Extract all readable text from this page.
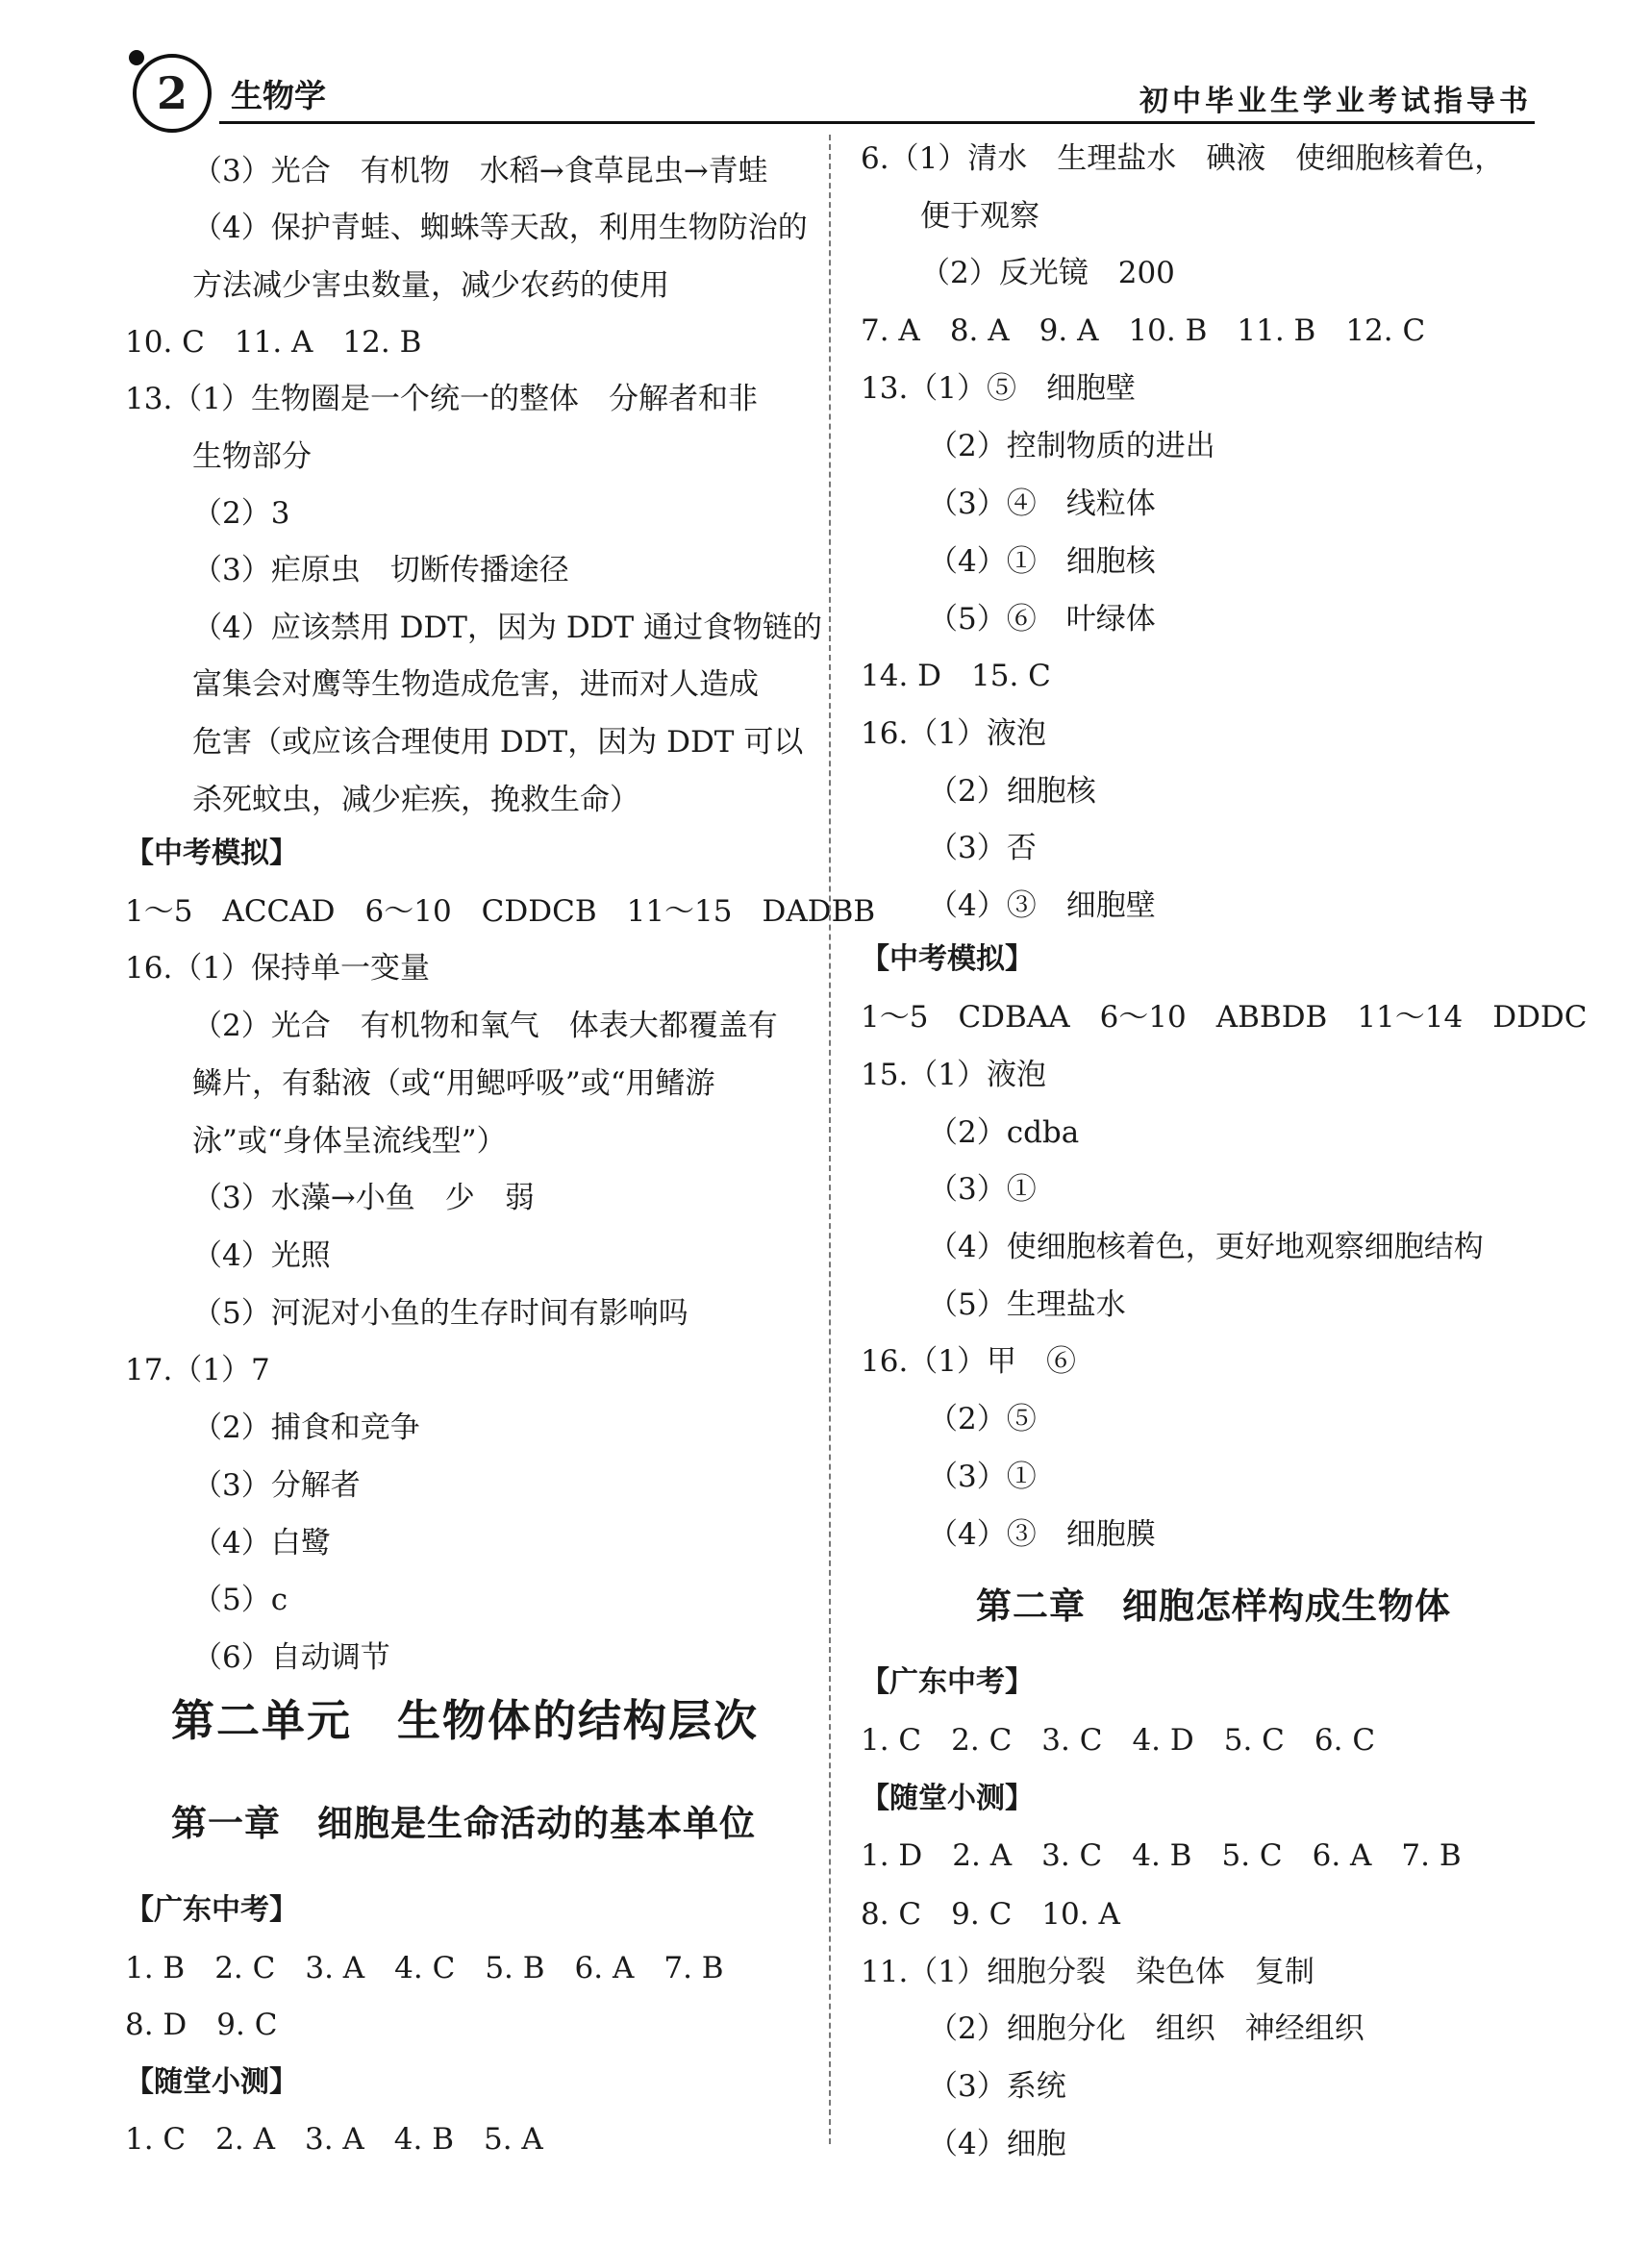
2	生物学	初中毕业生学业考试指导书
（3）光合　有机物　水稻→食草昆虫→青蛙
（4）保护青蛙、蜘蛛等天敌，利用生物防治的
方法减少害虫数量，减少农药的使用
10. C　11. A　12. B
13.（1）生物圈是一个统一的整体　分解者和非
生物部分
（2）3
（3）疟原虫　切断传播途径
（4）应该禁用 DDT，因为 DDT 通过食物链的
富集会对鹰等生物造成危害，进而对人造成
危害（或应该合理使用 DDT，因为 DDT 可以
杀死蚊虫，减少疟疾，挽救生命）
【中考模拟】
1～5　ACCAD　6～10　CDDCB　11～15　DADBB
16.（1）保持单一变量
（2）光合　有机物和氧气　体表大都覆盖有
鳞片，有黏液（或“用鳃呼吸”或“用鳍游
泳”或“身体呈流线型”）
（3）水藻→小鱼　少　弱
（4）光照
（5）河泥对小鱼的生存时间有影响吗
17.（1）7
（2）捕食和竞争
（3）分解者
（4）白鹭
（5）c
（6）自动调节
第二单元　生物体的结构层次
第一章　细胞是生命活动的基本单位
【广东中考】
1. B　2. C　3. A　4. C　5. B　6. A　7. B
8. D　9. C
【随堂小测】
1. C　2. A　3. A　4. B　5. A
6.（1）清水　生理盐水　碘液　使细胞核着色，
便于观察
（2）反光镜　200
7. A　8. A　9. A　10. B　11. B　12. C
13.（1）⑤　细胞壁
（2）控制物质的进出
（3）④　线粒体
（4）①　细胞核
（5）⑥　叶绿体
14. D　15. C
16.（1）液泡
（2）细胞核
（3）否
（4）③　细胞壁
【中考模拟】
1～5　CDBAA　6～10　ABBDB　11～14　DDDC
15.（1）液泡
（2）cdba
（3）①
（4）使细胞核着色，更好地观察细胞结构
（5）生理盐水
16.（1）甲　⑥
（2）⑤
（3）①
（4）③　细胞膜
第二章　细胞怎样构成生物体
【广东中考】
1. C　2. C　3. C　4. D　5. C　6. C
【随堂小测】
1. D　2. A　3. C　4. B　5. C　6. A　7. B
8. C　9. C　10. A
11.（1）细胞分裂　染色体　复制
（2）细胞分化　组织　神经组织
（3）系统
（4）细胞
